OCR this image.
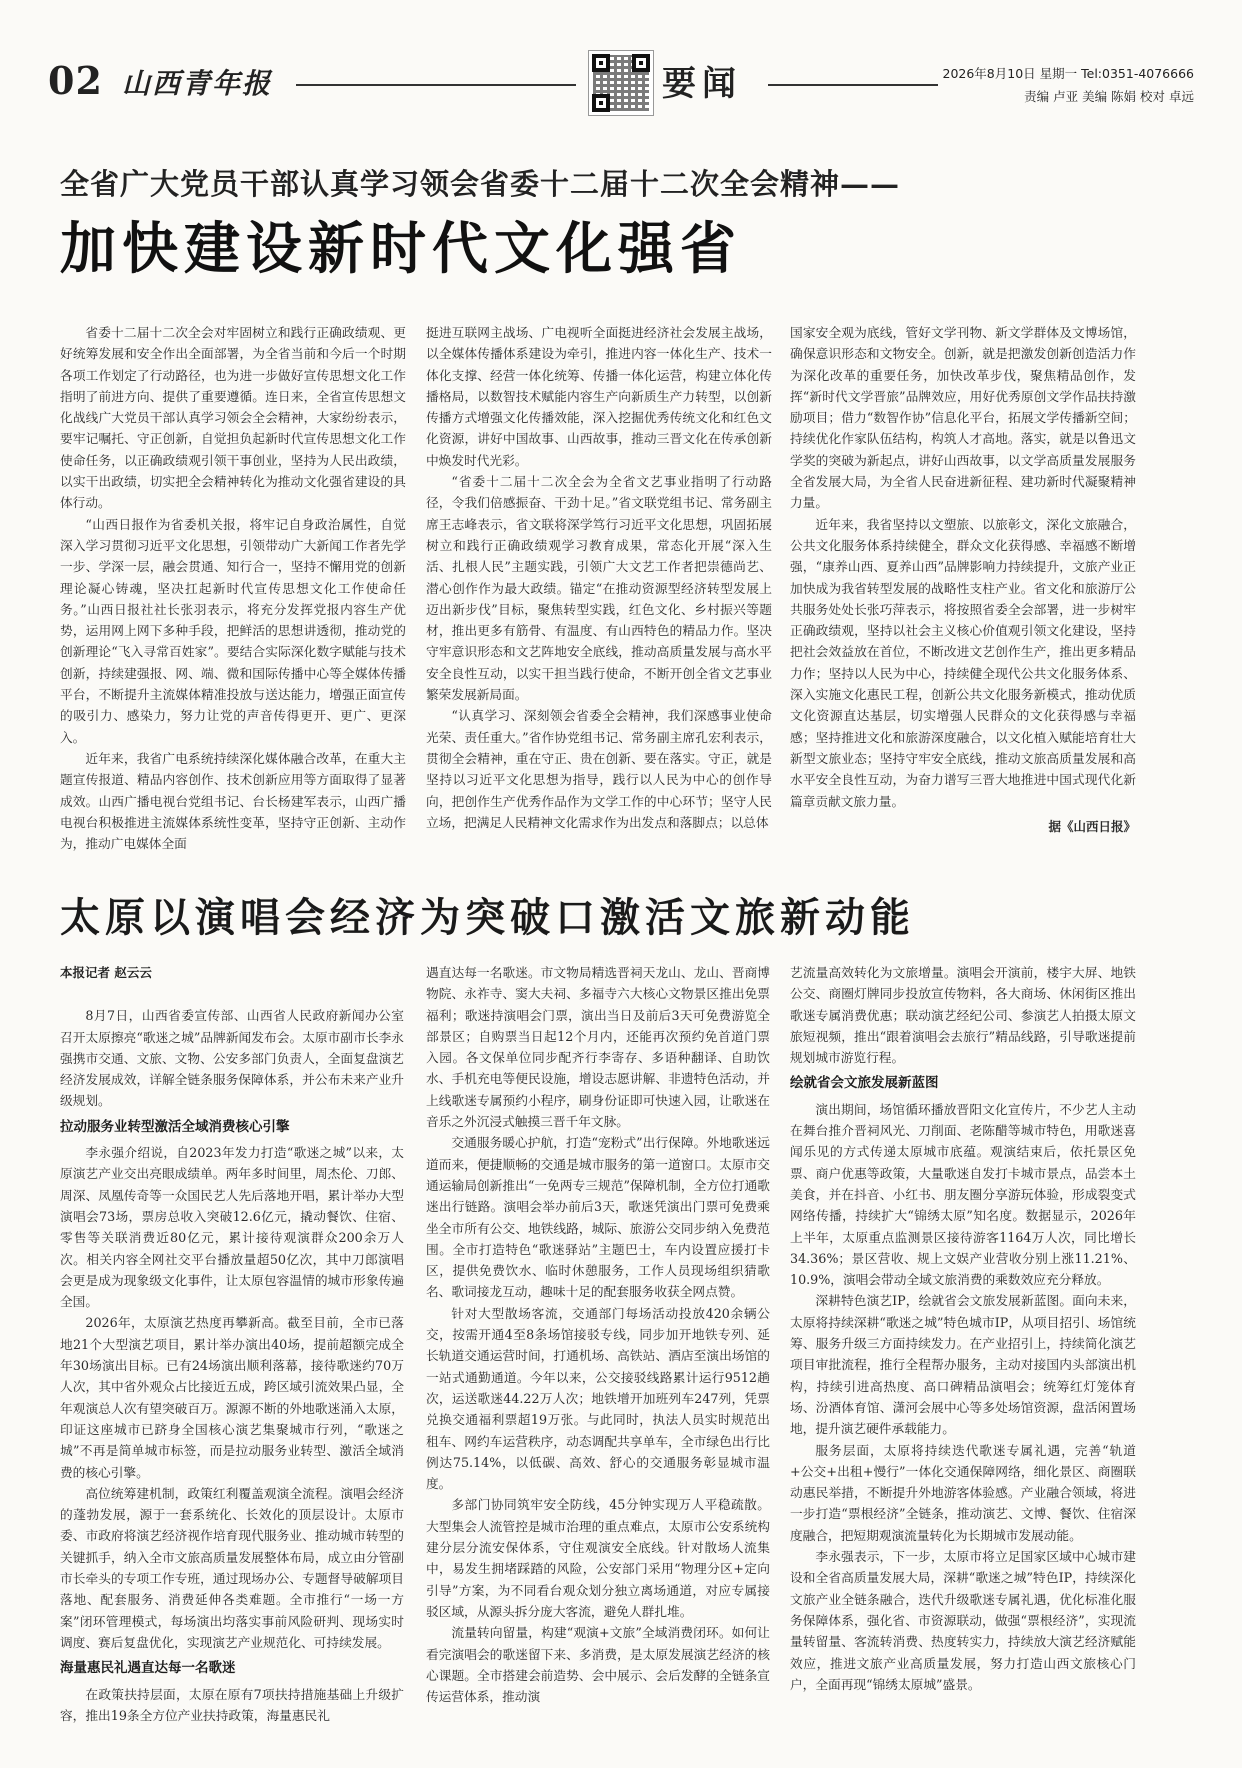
02 山西青年报	要闻	2026年8月10日 星期一 Tel:0351-4076666
责编 卢亚 美编 陈娟 校对 卓远
全省广大党员干部认真学习领会省委十二届十二次全会精神——
加快建设新时代文化强省

省委十二届十二次全会对牢固树立和践行正确政绩观、更好统筹发展和安全作出全面部署，为全省当前和今后一个时期各项工作划定了行动路径，也为进一步做好宣传思想文化工作指明了前进方向、提供了重要遵循。连日来，全省宣传思想文化战线广大党员干部认真学习领会全会精神，大家纷纷表示，要牢记嘱托、守正创新，自觉担负起新时代宣传思想文化工作使命任务，以正确政绩观引领干事创业，坚持为人民出政绩，以实干出政绩，切实把全会精神转化为推动文化强省建设的具体行动。

“山西日报作为省委机关报，将牢记自身政治属性，自觉深入学习贯彻习近平文化思想，引领带动广大新闻工作者先学一步、学深一层，融会贯通、知行合一，坚持不懈用党的创新理论凝心铸魂，坚决扛起新时代宣传思想文化工作使命任务。”山西日报社社长张羽表示，将充分发挥党报内容生产优势，运用网上网下多种手段，把鲜活的思想讲透彻，推动党的创新理论“飞入寻常百姓家”。要结合实际深化数字赋能与技术创新，持续建强报、网、端、微和国际传播中心等全媒体传播平台，不断提升主流媒体精准投放与送达能力，增强正面宣传的吸引力、感染力，努力让党的声音传得更开、更广、更深入。

近年来，我省广电系统持续深化媒体融合改革，在重大主题宣传报道、精品内容创作、技术创新应用等方面取得了显著成效。山西广播电视台党组书记、台长杨建军表示，山西广播电视台积极推进主流媒体系统性变革，坚持守正创新、主动作为，推动广电媒体全面

挺进互联网主战场、广电视听全面挺进经济社会发展主战场，以全媒体传播体系建设为牵引，推进内容一体化生产、技术一体化支撑、经营一体化统筹、传播一体化运营，构建立体化传播格局，以数智技术赋能内容生产向新质生产力转型，以创新传播方式增强文化传播效能，深入挖掘优秀传统文化和红色文化资源，讲好中国故事、山西故事，推动三晋文化在传承创新中焕发时代光彩。

“省委十二届十二次全会为全省文艺事业指明了行动路径，令我们倍感振奋、干劲十足。”省文联党组书记、常务副主席王志峰表示，省文联将深学笃行习近平文化思想，巩固拓展树立和践行正确政绩观学习教育成果，常态化开展“深入生活、扎根人民”主题实践，引领广大文艺工作者把崇德尚艺、潜心创作作为最大政绩。锚定“在推动资源型经济转型发展上迈出新步伐”目标，聚焦转型实践，红色文化、乡村振兴等题材，推出更多有筋骨、有温度、有山西特色的精品力作。坚决守牢意识形态和文艺阵地安全底线，推动高质量发展与高水平安全良性互动，以实干担当践行使命，不断开创全省文艺事业繁荣发展新局面。

“认真学习、深刻领会省委全会精神，我们深感事业使命光荣、责任重大。”省作协党组书记、常务副主席孔宏利表示，贯彻全会精神，重在守正、贵在创新、要在落实。守正，就是坚持以习近平文化思想为指导，践行以人民为中心的创作导向，把创作生产优秀作品作为文学工作的中心环节；坚守人民立场，把满足人民精神文化需求作为出发点和落脚点；以总体

国家安全观为底线，管好文学刊物、新文学群体及文博场馆，确保意识形态和文物安全。创新，就是把激发创新创造活力作为深化改革的重要任务，加快改革步伐，聚焦精品创作，发挥“新时代文学晋旅”品牌效应，用好优秀原创文学作品扶持激励项目；借力“数智作协”信息化平台，拓展文学传播新空间；持续优化作家队伍结构，构筑人才高地。落实，就是以鲁迅文学奖的突破为新起点，讲好山西故事，以文学高质量发展服务全省发展大局，为全省人民奋进新征程、建功新时代凝聚精神力量。

近年来，我省坚持以文塑旅、以旅彰文，深化文旅融合，公共文化服务体系持续健全，群众文化获得感、幸福感不断增强，“康养山西、夏养山西”品牌影响力持续提升，文旅产业正加快成为我省转型发展的战略性支柱产业。省文化和旅游厅公共服务处处长张巧萍表示，将按照省委全会部署，进一步树牢正确政绩观，坚持以社会主义核心价值观引领文化建设，坚持把社会效益放在首位，不断改进文艺创作生产，推出更多精品力作；坚持以人民为中心，持续健全现代公共文化服务体系、深入实施文化惠民工程，创新公共文化服务新模式，推动优质文化资源直达基层，切实增强人民群众的文化获得感与幸福感；坚持推进文化和旅游深度融合，以文化植入赋能培育壮大新型文旅业态；坚持守牢安全底线，推动文旅高质量发展和高水平安全良性互动，为奋力谱写三晋大地推进中国式现代化新篇章贡献文旅力量。

据《山西日报》

太原以演唱会经济为突破口激活文旅新动能

本报记者 赵云云

8月7日，山西省委宣传部、山西省人民政府新闻办公室召开太原擦亮“歌迷之城”品牌新闻发布会。太原市副市长李永强携市交通、文旅、文物、公安多部门负责人，全面复盘演艺经济发展成效，详解全链条服务保障体系，并公布未来产业升级规划。

拉动服务业转型激活全域消费核心引擎

李永强介绍说，自2023年发力打造“歌迷之城”以来，太原演艺产业交出亮眼成绩单。两年多时间里，周杰伦、刀郎、周深、凤凰传奇等一众国民艺人先后落地开唱，累计举办大型演唱会73场，票房总收入突破12.6亿元，撬动餐饮、住宿、零售等关联消费近80亿元，累计接待观演群众200余万人次。相关内容全网社交平台播放量超50亿次，其中刀郎演唱会更是成为现象级文化事件，让太原包容温情的城市形象传遍全国。

2026年，太原演艺热度再攀新高。截至目前，全市已落地21个大型演艺项目，累计举办演出40场，提前超额完成全年30场演出目标。已有24场演出顺利落幕，接待歌迷约70万人次，其中省外观众占比接近五成，跨区域引流效果凸显，全年观演总人次有望突破百万。源源不断的外地歌迷涌入太原，印证这座城市已跻身全国核心演艺集聚城市行列，“歌迷之城”不再是简单城市标签，而是拉动服务业转型、激活全域消费的核心引擎。

高位统筹建机制，政策红利覆盖观演全流程。演唱会经济的蓬勃发展，源于一套系统化、长效化的顶层设计。太原市委、市政府将演艺经济视作培育现代服务业、推动城市转型的关键抓手，纳入全市文旅高质量发展整体布局，成立由分管副市长牵头的专项工作专班，通过现场办公、专题督导破解项目落地、配套服务、消费延伸各类难题。全市推行“一场一方案”闭环管理模式，每场演出均落实事前风险研判、现场实时调度、赛后复盘优化，实现演艺产业规范化、可持续发展。

海量惠民礼遇直达每一名歌迷

在政策扶持层面，太原在原有7项扶持措施基础上升级扩容，推出19条全方位产业扶持政策，海量惠民礼

遇直达每一名歌迷。市文物局精选晋祠天龙山、龙山、晋商博物院、永祚寺、窦大夫祠、多福寺六大核心文物景区推出免票福利；歌迷持演唱会门票，演出当日及前后3天可免费游览全部景区；自购票当日起12个月内，还能再次预约免首道门票入园。各文保单位同步配齐行李寄存、多语种翻译、自助饮水、手机充电等便民设施，增设志愿讲解、非遗特色活动，并上线歌迷专属预约小程序，刷身份证即可快速入园，让歌迷在音乐之外沉浸式触摸三晋千年文脉。

交通服务暖心护航，打造“宠粉式”出行保障。外地歌迷远道而来，便捷顺畅的交通是城市服务的第一道窗口。太原市交通运输局创新推出“一免两专三规范”保障机制，全方位打通歌迷出行链路。演唱会举办前后3天，歌迷凭演出门票可免费乘坐全市所有公交、地铁线路，城际、旅游公交同步纳入免费范围。全市打造特色“歌迷驿站”主题巴士，车内设置应援打卡区，提供免费饮水、临时休憩服务，工作人员现场组织猜歌名、歌词接龙互动，趣味十足的配套服务收获全网点赞。

针对大型散场客流，交通部门每场活动投放420余辆公交，按需开通4至8条场馆接驳专线，同步加开地铁专列、延长轨道交通运营时间，打通机场、高铁站、酒店至演出场馆的一站式通勤通道。今年以来，公交接驳线路累计运行9512趟次，运送歌迷44.22万人次；地铁增开加班列车247列，凭票兑换交通福利票超19万张。与此同时，执法人员实时规范出租车、网约车运营秩序，动态调配共享单车，全市绿色出行比例达75.14%，以低碳、高效、舒心的交通服务彰显城市温度。

多部门协同筑牢安全防线，45分钟实现万人平稳疏散。大型集会人流管控是城市治理的重点难点，太原市公安系统构建分层分流安保体系，守住观演安全底线。针对散场人流集中，易发生拥堵踩踏的风险，公安部门采用“物理分区+定向引导”方案，为不同看台观众划分独立离场通道，对应专属接驳区域，从源头拆分庞大客流，避免人群扎堆。

流量转向留量，构建“观演+文旅”全域消费闭环。如何让看完演唱会的歌迷留下来、多消费，是太原发展演艺经济的核心课题。全市搭建会前造势、会中展示、会后发酵的全链条宣传运营体系，推动演

艺流量高效转化为文旅增量。演唱会开演前，楼宇大屏、地铁公交、商圈灯牌同步投放宣传物料，各大商场、休闲街区推出歌迷专属消费优惠；联动演艺经纪公司、参演艺人拍摄太原文旅短视频，推出“跟着演唱会去旅行”精品线路，引导歌迷提前规划城市游览行程。

绘就省会文旅发展新蓝图

演出期间，场馆循环播放晋阳文化宣传片，不少艺人主动在舞台推介晋祠风光、刀削面、老陈醋等城市特色，用歌迷喜闻乐见的方式传递太原城市底蕴。观演结束后，依托景区免票、商户优惠等政策，大量歌迷自发打卡城市景点，品尝本土美食，并在抖音、小红书、朋友圈分享游玩体验，形成裂变式网络传播，持续扩大“锦绣太原”知名度。数据显示，2026年上半年，太原重点监测景区接待游客1164万人次，同比增长34.36%；景区营收、规上文娱产业营收分别上涨11.21%、10.9%，演唱会带动全域文旅消费的乘数效应充分释放。

深耕特色演艺IP，绘就省会文旅发展新蓝图。面向未来，太原将持续深耕“歌迷之城”特色城市IP，从项目招引、场馆统筹、服务升级三方面持续发力。在产业招引上，持续简化演艺项目审批流程，推行全程帮办服务，主动对接国内头部演出机构，持续引进高热度、高口碑精品演唱会；统筹红灯笼体育场、汾酒体育馆、潇河会展中心等多处场馆资源，盘活闲置场地，提升演艺硬件承载能力。

服务层面，太原将持续迭代歌迷专属礼遇，完善“轨道+公交+出租+慢行”一体化交通保障网络，细化景区、商圈联动惠民举措，不断提升外地游客体验感。产业融合领域，将进一步打造“票根经济”全链条，推动演艺、文博、餐饮、住宿深度融合，把短期观演流量转化为长期城市发展动能。

李永强表示，下一步，太原市将立足国家区域中心城市建设和全省高质量发展大局，深耕“歌迷之城”特色IP，持续深化文旅产业全链条融合，迭代升级歌迷专属礼遇，优化标准化服务保障体系，强化省、市资源联动，做强“票根经济”，实现流量转留量、客流转消费、热度转实力，持续放大演艺经济赋能效应，推进文旅产业高质量发展，努力打造山西文旅核心门户，全面再现“锦绣太原城”盛景。
